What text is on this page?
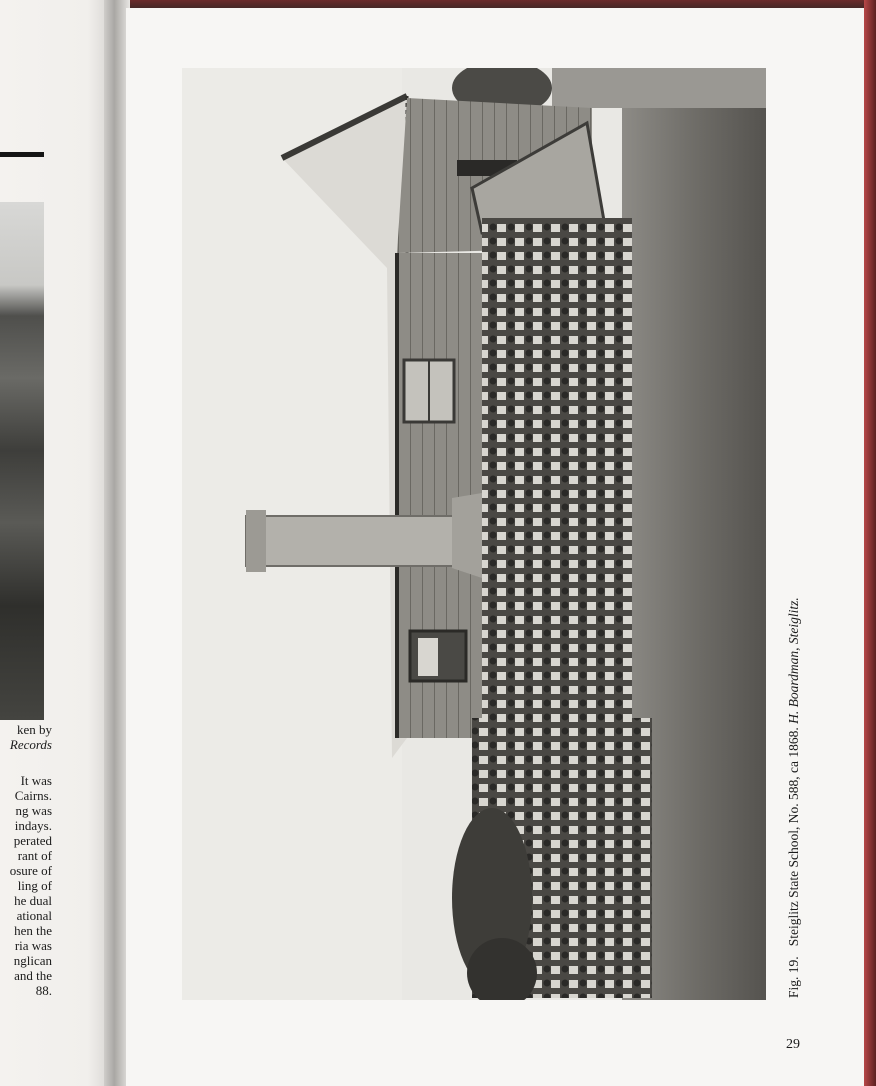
ken by
Records
It was
Cairns.
ng was
indays.
perated
rant of
osure of
ling of
he dual
ational
hen the
ria was
nglican
and the
88.	Fig. 19.   Steiglitz State School, No. 588, ca 1868. H. Boardman, Steiglitz.
29
